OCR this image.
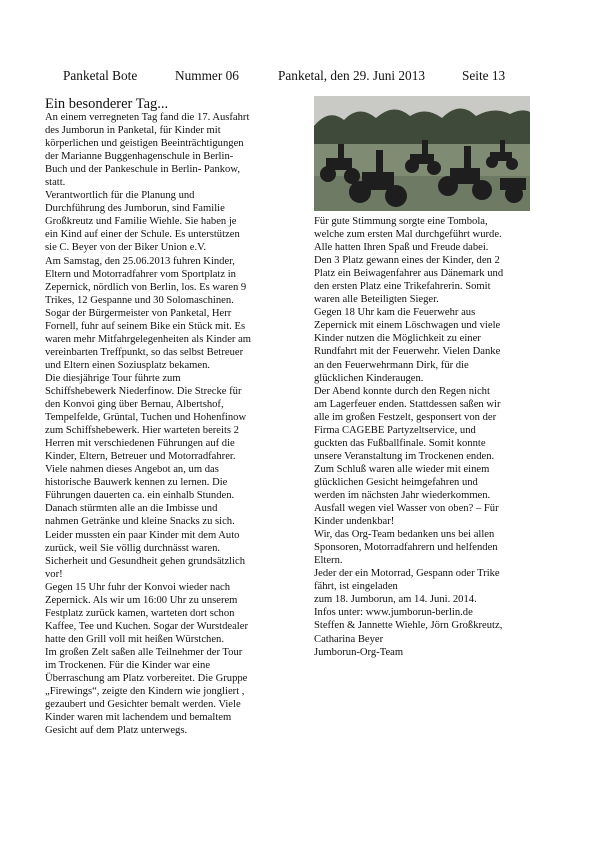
Panketal Bote	Nummer 06	Panketal, den 29. Juni 2013	Seite 13
Ein besonderer Tag...
An einem verregneten Tag fand die 17. Ausfahrt
des Jumborun in Panketal, für Kinder mit
körperlichen und geistigen Beeinträchtigungen
der Marianne Buggenhagenschule in Berlin-
Buch und der Pankeschule in Berlin- Pankow,
statt.
Verantwortlich für die Planung und
Durchführung des Jumborun, sind Familie
Großkreutz und Familie Wiehle. Sie haben je
ein Kind auf einer der Schule. Es unterstützen
sie C. Beyer von der Biker Union e.V.
Am Samstag, den 25.06.2013 fuhren Kinder,
Eltern und Motorradfahrer vom Sportplatz in
Zepernick, nördlich von Berlin, los. Es waren 9
Trikes, 12 Gespanne und 30 Solomaschinen.
Sogar der Bürgermeister von Panketal, Herr
Fornell, fuhr auf seinem Bike ein Stück mit. Es
waren mehr Mitfahrgelegenheiten als Kinder am
vereinbarten Treffpunkt, so das selbst Betreuer
und Eltern einen Soziusplatz bekamen.
Die diesjährige Tour führte zum
Schiffshebewerk Niederfinow. Die Strecke für
den Konvoi ging über Bernau, Albertshof,
Tempelfelde, Grüntal, Tuchen und Hohenfinow
zum Schiffshebewerk. Hier warteten bereits 2
Herren mit verschiedenen Führungen auf die
Kinder, Eltern, Betreuer und Motorradfahrer.
Viele nahmen dieses Angebot an, um das
historische Bauwerk kennen zu lernen. Die
Führungen dauerten ca. ein einhalb Stunden.
Danach stürmten alle an die Imbisse und
nahmen Getränke und kleine Snacks zu sich.
Leider mussten ein paar Kinder mit dem Auto
zurück, weil Sie völlig durchnässt waren.
Sicherheit und Gesundheit gehen grundsätzlich
vor!
Gegen 15 Uhr fuhr der Konvoi wieder nach
Zepernick. Als wir um 16:00 Uhr zu unserem
Festplatz zurück kamen, warteten dort schon
Kaffee, Tee und Kuchen. Sogar der Wurstdealer
hatte den Grill voll mit heißen Würstchen.
Im großen Zelt saßen alle Teilnehmer der Tour
im Trockenen. Für die Kinder war eine
Überraschung am Platz vorbereitet. Die Gruppe
„Firewings“, zeigte den Kindern wie jongliert ,
gezaubert und Gesichter bemalt werden. Viele
Kinder waren mit lachendem und bemaltem
Gesicht auf dem Platz unterwegs.
Für gute Stimmung sorgte eine Tombola,
welche zum ersten Mal durchgeführt wurde.
Alle hatten Ihren Spaß und Freude dabei.
Den 3 Platz gewann eines der Kinder, den 2
Platz ein Beiwagenfahrer aus Dänemark und
den ersten Platz eine Trikefahrerin. Somit
waren alle Beteiligten Sieger.
Gegen 18 Uhr kam die Feuerwehr aus
Zepernick mit einem Löschwagen und viele
Kinder nutzen die Möglichkeit zu einer
Rundfahrt mit der Feuerwehr. Vielen Danke
an den Feuerwehrmann Dirk, für die
glücklichen Kinderaugen.
Der Abend konnte durch den Regen nicht
am Lagerfeuer enden. Stattdessen saßen wir
alle im großen Festzelt, gesponsert von der
Firma CAGEBE Partyzeltservice, und
guckten das Fußballfinale. Somit konnte
unsere Veranstaltung im Trockenen enden.
Zum Schluß waren alle wieder mit einem
glücklichen Gesicht heimgefahren und
werden im nächsten Jahr wiederkommen.
Ausfall wegen viel Wasser von oben? – Für
Kinder undenkbar!
Wir, das Org-Team bedanken uns bei allen
Sponsoren, Motorradfahrern und helfenden
Eltern.
Jeder der ein Motorrad, Gespann oder Trike
fährt, ist eingeladen
zum 18. Jumborun, am 14. Juni. 2014.
Infos unter: www.jumborun-berlin.de
Steffen & Jannette Wiehle, Jörn Großkreutz,
Catharina Beyer
Jumborun-Org-Team
